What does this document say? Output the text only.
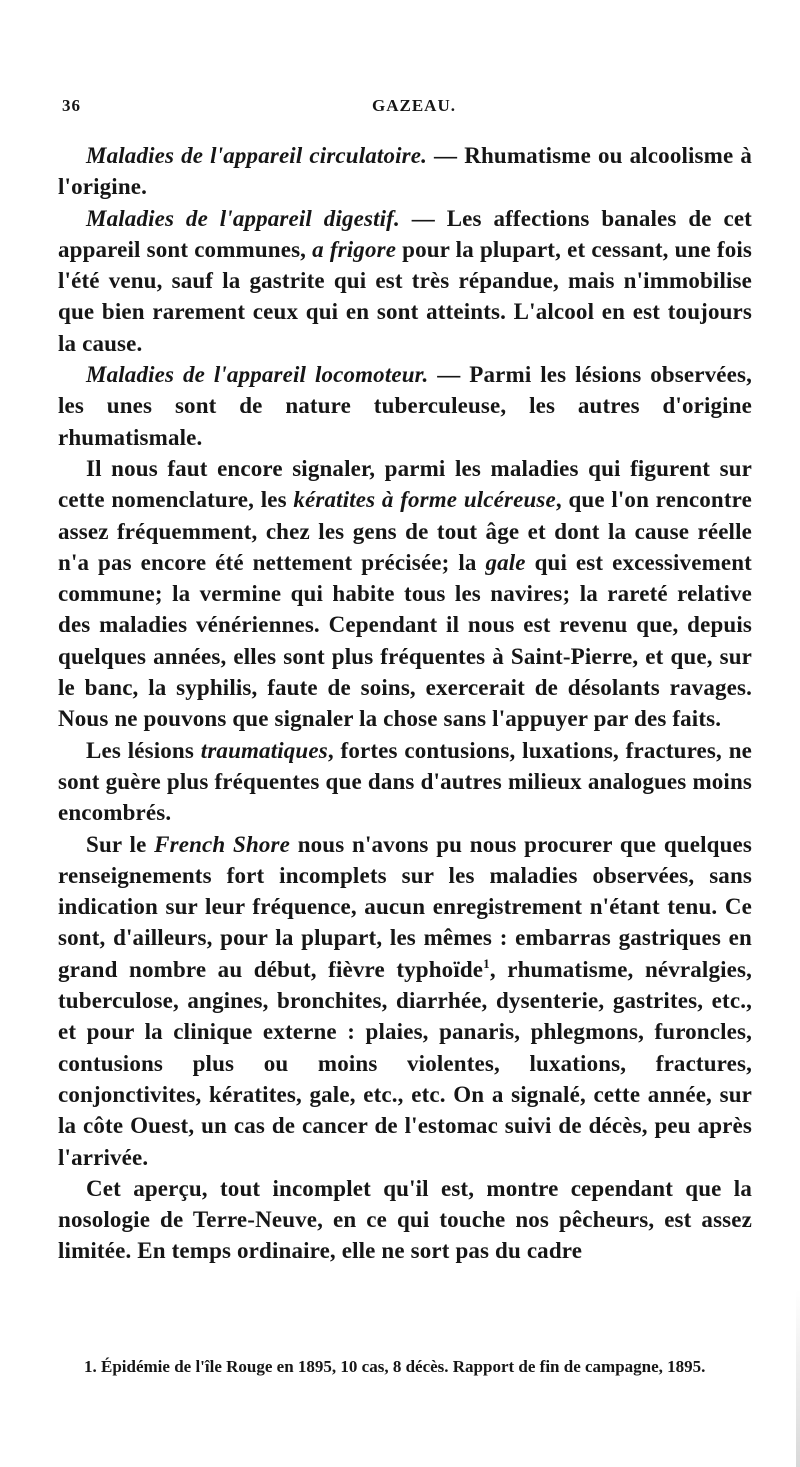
36	GAZEAU.

Maladies de l'appareil circulatoire. — Rhumatisme ou alcoolisme à l'origine.

Maladies de l'appareil digestif. — Les affections banales de cet appareil sont communes, a frigore pour la plupart, et cessant, une fois l'été venu, sauf la gastrite qui est très répandue, mais n'immobilise que bien rarement ceux qui en sont atteints. L'alcool en est toujours la cause.

Maladies de l'appareil locomoteur. — Parmi les lésions observées, les unes sont de nature tuberculeuse, les autres d'origine rhumatismale.

Il nous faut encore signaler, parmi les maladies qui figurent sur cette nomenclature, les kératites à forme ulcéreuse, que l'on rencontre assez fréquemment, chez les gens de tout âge et dont la cause réelle n'a pas encore été nettement précisée; la gale qui est excessivement commune; la vermine qui habite tous les navires; la rareté relative des maladies vénériennes. Cependant il nous est revenu que, depuis quelques années, elles sont plus fréquentes à Saint-Pierre, et que, sur le banc, la syphilis, faute de soins, exercerait de désolants ravages. Nous ne pouvons que signaler la chose sans l'appuyer par des faits.

Les lésions traumatiques, fortes contusions, luxations, fractures, ne sont guère plus fréquentes que dans d'autres milieux analogues moins encombrés.

Sur le French Shore nous n'avons pu nous procurer que quelques renseignements fort incomplets sur les maladies observées, sans indication sur leur fréquence, aucun enregistrement n'étant tenu. Ce sont, d'ailleurs, pour la plupart, les mêmes : embarras gastriques en grand nombre au début, fièvre typhoïde$^1$, rhumatisme, névralgies, tuberculose, angines, bronchites, diarrhée, dysenterie, gastrites, etc., et pour la clinique externe : plaies, panaris, phlegmons, furoncles, contusions plus ou moins violentes, luxations, fractures, conjonctivites, kératites, gale, etc., etc. On a signalé, cette année, sur la côte Ouest, un cas de cancer de l'estomac suivi de décès, peu après l'arrivée.

Cet aperçu, tout incomplet qu'il est, montre cependant que la nosologie de Terre-Neuve, en ce qui touche nos pêcheurs, est assez limitée. En temps ordinaire, elle ne sort pas du cadre

1. Épidémie de l'île Rouge en 1895, 10 cas, 8 décès. Rapport de fin de campagne, 1895.
